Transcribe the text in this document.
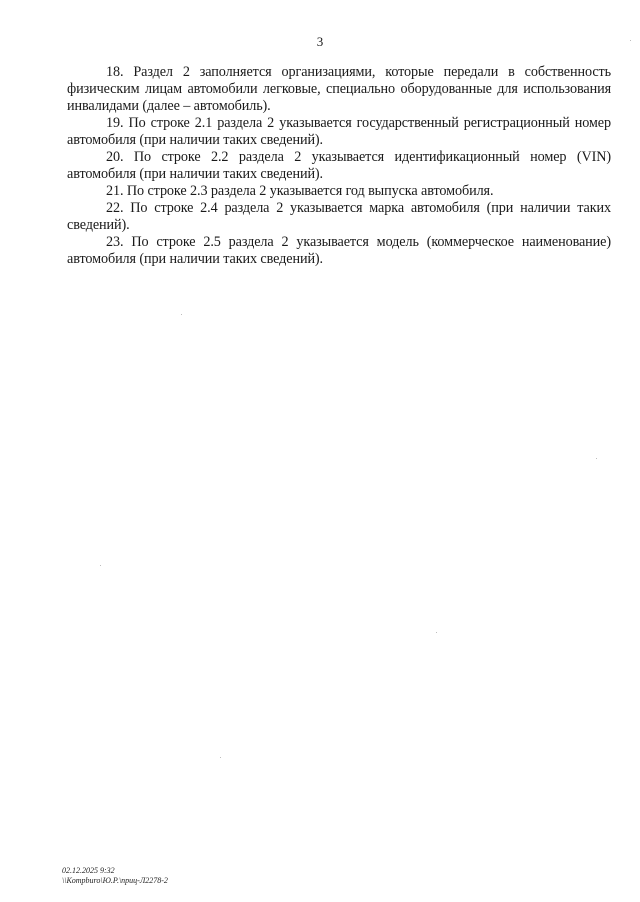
3

18. Раздел 2 заполняется организациями, которые передали в собственность физическим лицам автомобили легковые, специально оборудованные для использования инвалидами (далее – автомобиль).

19. По строке 2.1 раздела 2 указывается государственный регистрационный номер автомобиля (при наличии таких сведений).

20. По строке 2.2 раздела 2 указывается идентификационный номер (VIN) автомобиля (при наличии таких сведений).

21. По строке 2.3 раздела 2 указывается год выпуска автомобиля.

22. По строке 2.4 раздела 2 указывается марка автомобиля (при наличии таких сведений).

23. По строке 2.5 раздела 2 указывается модель (коммерческое наименование) автомобиля (при наличии таких сведений).

02.12.2025 9:32
\\Kompburo\Ю.Р.\приц-Л2278-2
